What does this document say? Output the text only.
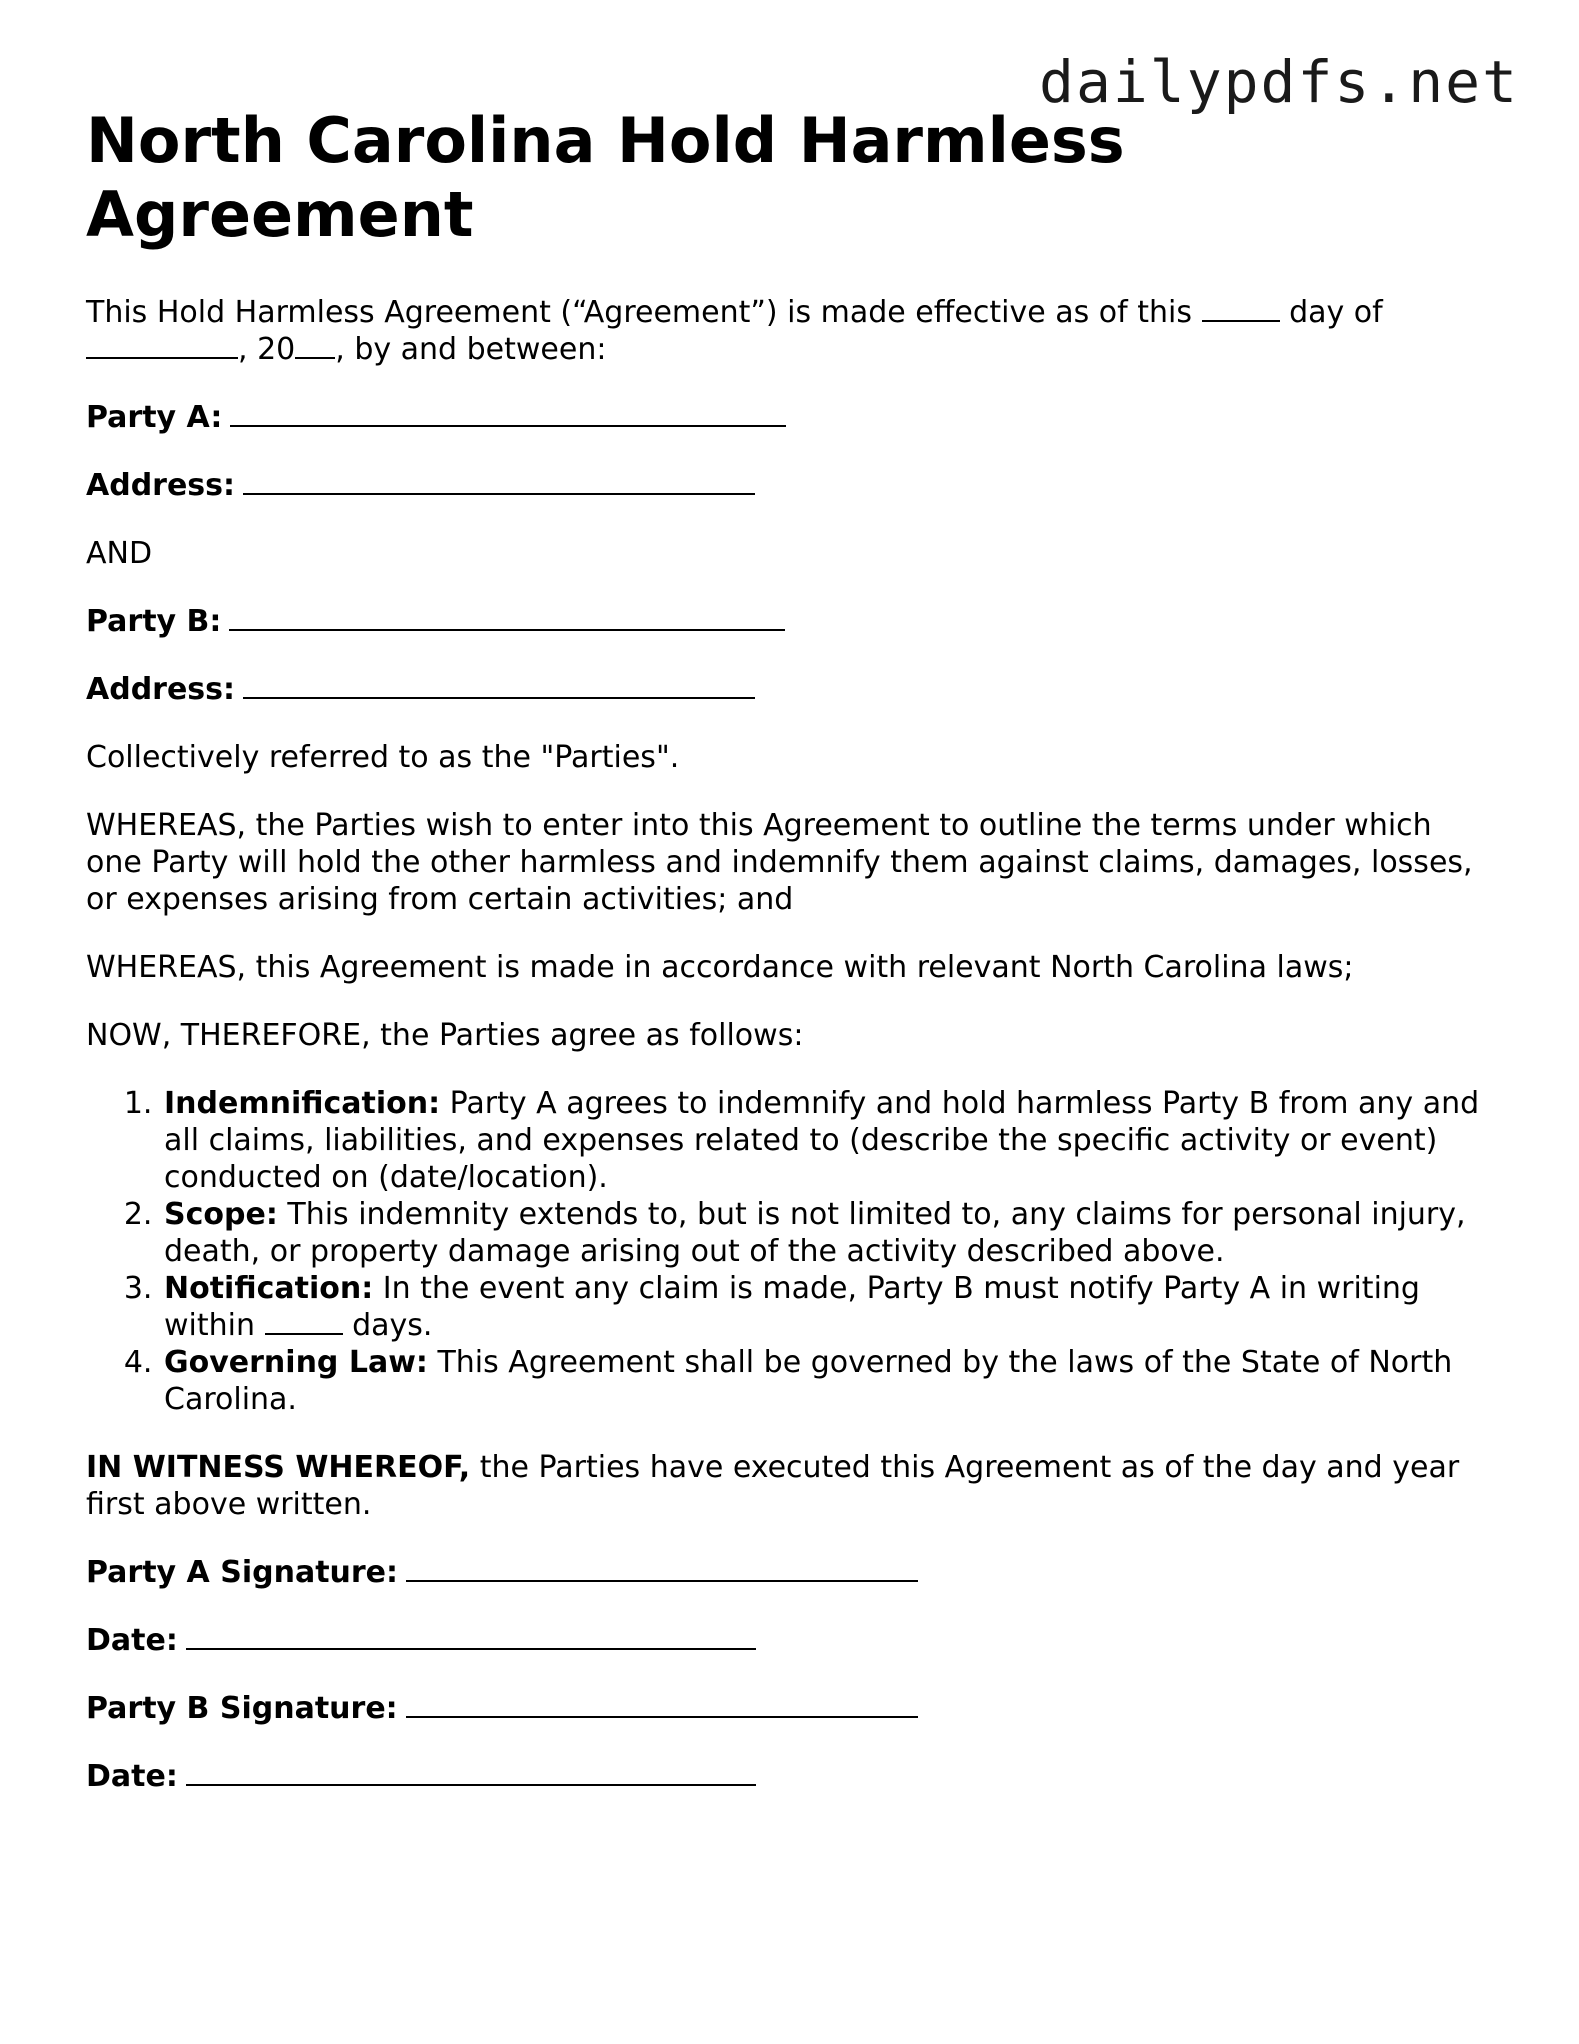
dailypdfs.net
North Carolina Hold Harmless Agreement

This Hold Harmless Agreement (“Agreement”) is made effective as of this	day of
, 20 , by and between:

Party A:
Address:

AND

Party B:
Address:

Collectively referred to as the "Parties".

WHEREAS, the Parties wish to enter into this Agreement to outline the terms under which one Party will hold the other harmless and indemnify them against claims, damages, losses, or expenses arising from certain activities; and

WHEREAS, this Agreement is made in accordance with relevant North Carolina laws;

NOW, THEREFORE, the Parties agree as follows:

1. Indemnification: Party A agrees to indemnify and hold harmless Party B from any and all claims, liabilities, and expenses related to (describe the specific activity or event) conducted on (date/location).
2. Scope: This indemnity extends to, but is not limited to, any claims for personal injury, death, or property damage arising out of the activity described above.
3. Notification: In the event any claim is made, Party B must notify Party A in writing within	days.
4. Governing Law: This Agreement shall be governed by the laws of the State of North Carolina.

IN WITNESS WHEREOF, the Parties have executed this Agreement as of the day and year first above written.

Party A Signature:
Date:
Party B Signature:
Date:
